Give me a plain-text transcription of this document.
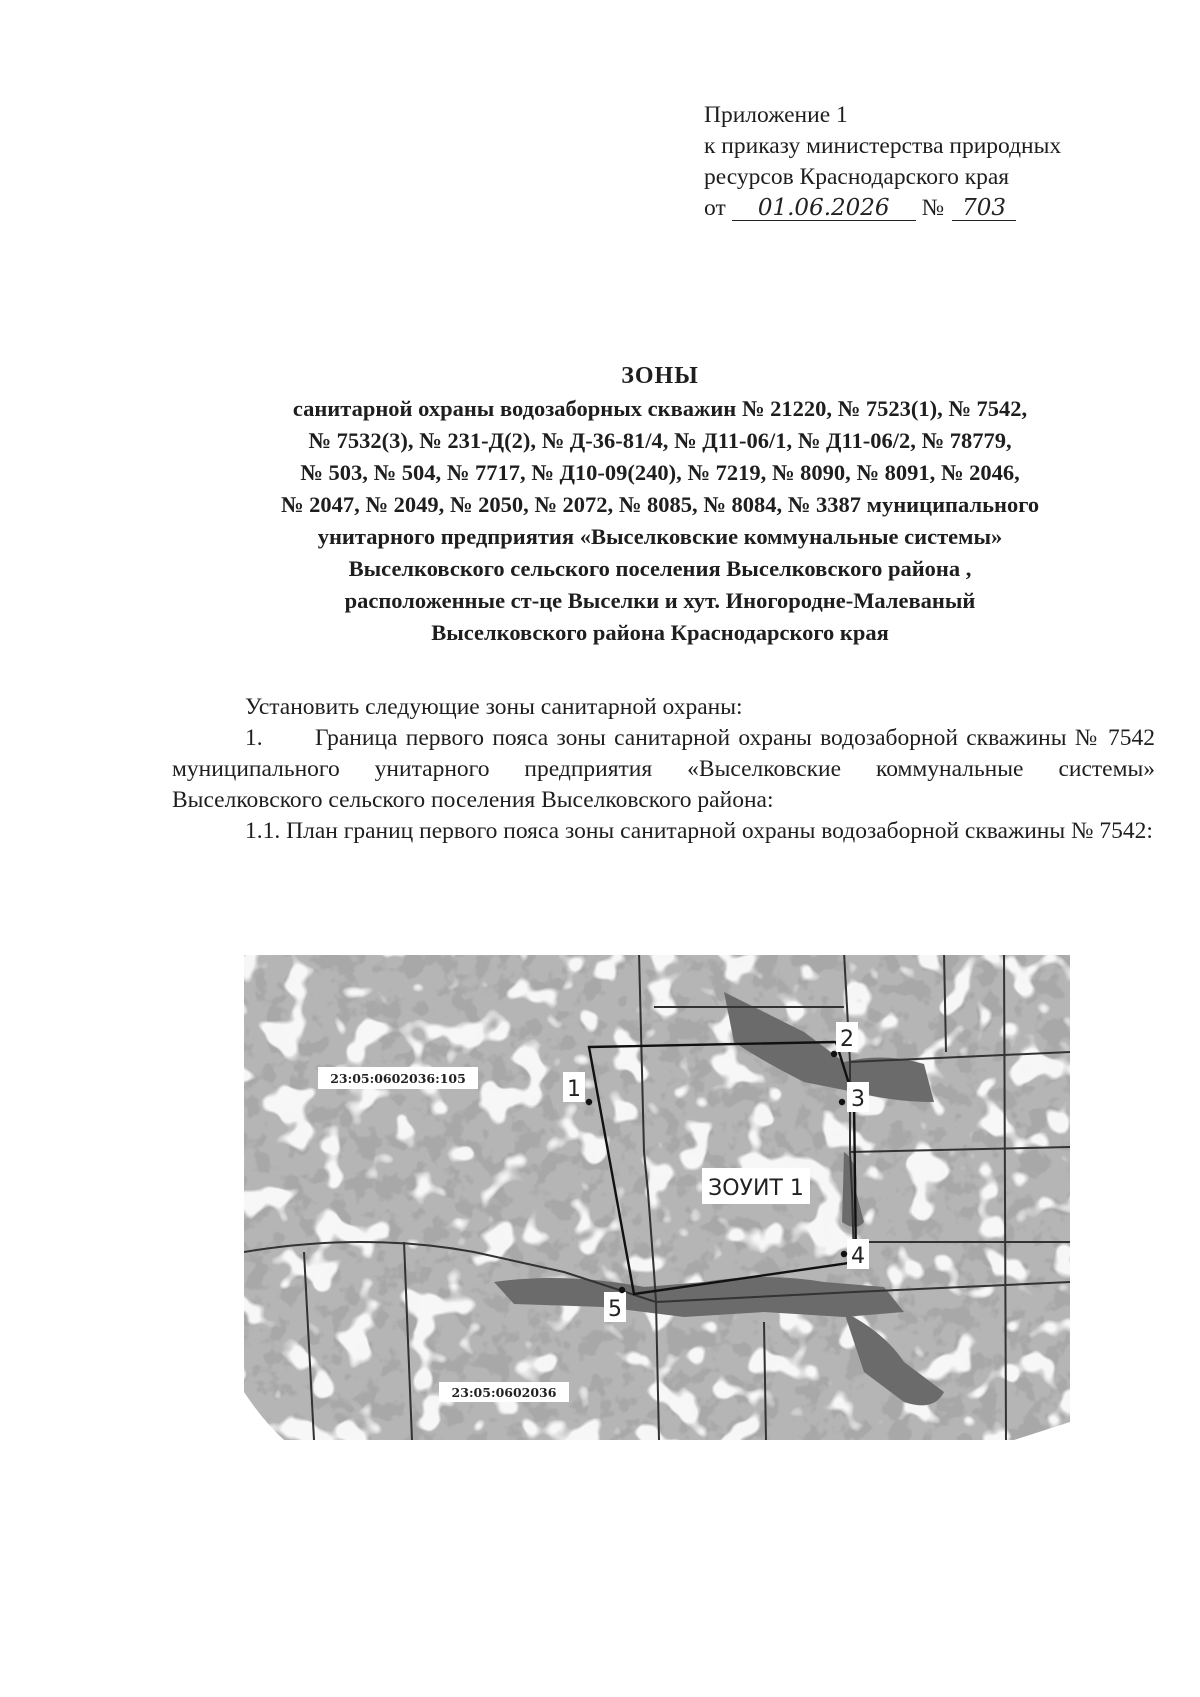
Приложение 1
к приказу министерства природных
ресурсов Краснодарского края
от 01.06.2026 № 703
ЗОНЫ
санитарной охраны водозаборных скважин № 21220, № 7523(1), № 7542,
№ 7532(3), № 231-Д(2), № Д-36-81/4, № Д11-06/1, № Д11-06/2, № 78779,
№ 503, № 504, № 7717, № Д10-09(240), № 7219, № 8090, № 8091, № 2046,
№ 2047, № 2049, № 2050, № 2072, № 8085, № 8084, № 3387 муниципального
унитарного предприятия «Выселковские коммунальные системы»
Выселковского сельского поселения Выселковского района ,
расположенные ст-це Выселки и хут. Иногородне-Малеваный
Выселковского района Краснодарского края

Установить следующие зоны санитарной охраны:

1. Граница первого пояса зоны санитарной охраны водозаборной скважины № 7542 муниципального унитарного предприятия «Выселковские коммунальные системы» Выселковского сельского поселения Выселковского района:

1.1. План границ первого пояса зоны санитарной охраны водозаборной скважины № 7542:

23:05:0602036:105
23:05:0602036
ЗОУИТ 1
1
2
3
4
5
